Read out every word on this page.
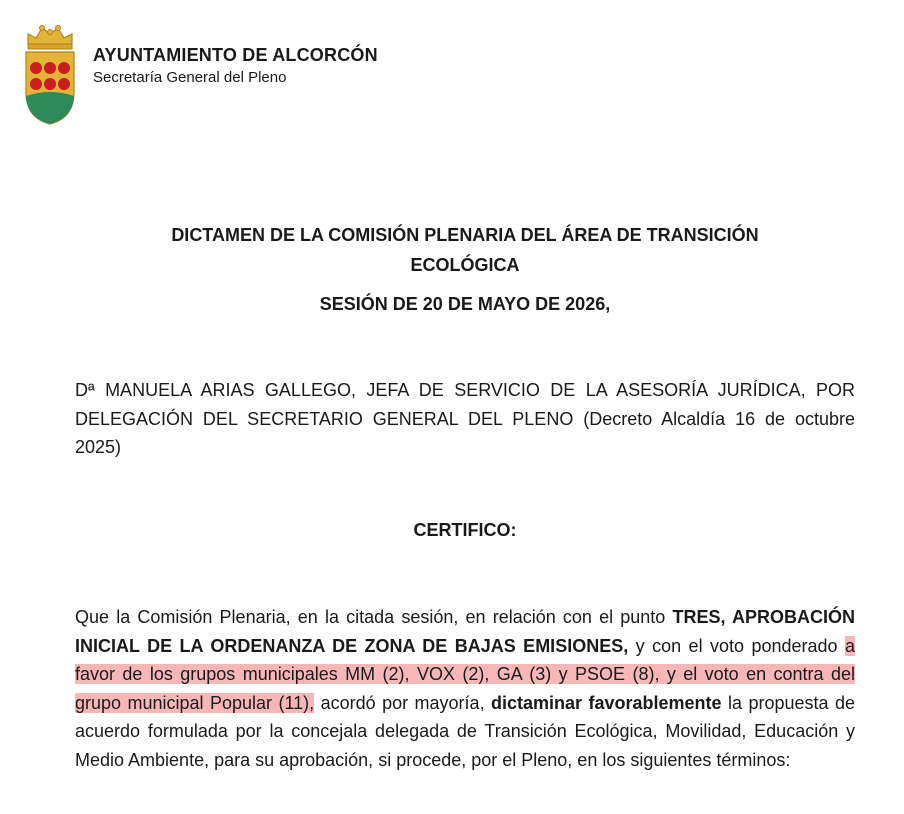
AYUNTAMIENTO DE ALCORCÓN
Secretaría General del Pleno
DICTAMEN DE LA COMISIÓN PLENARIA DEL ÁREA DE TRANSICIÓN
ECOLÓGICA
SESIÓN DE 20 DE MAYO DE 2026,
Dª MANUELA ARIAS GALLEGO, JEFA DE SERVICIO DE LA ASESORÍA JURÍDICA, POR DELEGACIÓN DEL SECRETARIO GENERAL DEL PLENO (Decreto Alcaldía 16 de octubre 2025)
CERTIFICO:
Que la Comisión Plenaria, en la citada sesión, en relación con el punto TRES, APROBACIÓN INICIAL DE LA ORDENANZA DE ZONA DE BAJAS EMISIONES, y con el voto ponderado a favor de los grupos municipales MM (2), VOX (2), GA (3) y PSOE (8), y el voto en contra del grupo municipal Popular (11), acordó por mayoría, dictaminar favorablemente la propuesta de acuerdo formulada por la concejala delegada de Transición Ecológica, Movilidad, Educación y Medio Ambiente, para su aprobación, si procede, por el Pleno, en los siguientes términos:
